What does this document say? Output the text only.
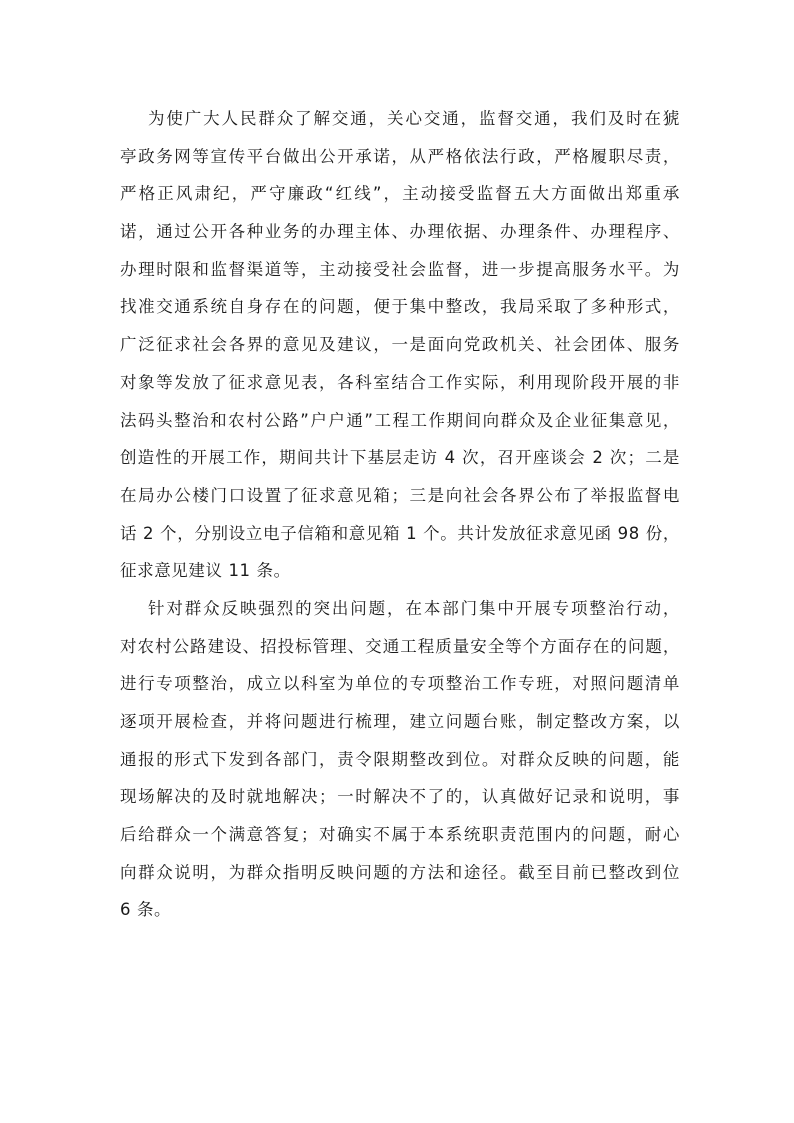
为使广大人民群众了解交通，关心交通，监督交通，我们及时在猇
亭政务网等宣传平台做出公开承诺，从严格依法行政，严格履职尽责，
严格正风肃纪，严守廉政“红线”，主动接受监督五大方面做出郑重承
诺，通过公开各种业务的办理主体、办理依据、办理条件、办理程序、
办理时限和监督渠道等，主动接受社会监督，进一步提高服务水平。为
找准交通系统自身存在的问题，便于集中整改，我局采取了多种形式，
广泛征求社会各界的意见及建议，一是面向党政机关、社会团体、服务
对象等发放了征求意见表，各科室结合工作实际，利用现阶段开展的非
法码头整治和农村公路”户户通”工程工作期间向群众及企业征集意见，
创造性的开展工作，期间共计下基层走访 4 次，召开座谈会 2 次；二是
在局办公楼门口设置了征求意见箱；三是向社会各界公布了举报监督电
话 2 个，分别设立电子信箱和意见箱 1 个。共计发放征求意见函 98 份，
征求意见建议 11 条。
针对群众反映强烈的突出问题，在本部门集中开展专项整治行动，
对农村公路建设、招投标管理、交通工程质量安全等个方面存在的问题，
进行专项整治，成立以科室为单位的专项整治工作专班，对照问题清单
逐项开展检查，并将问题进行梳理，建立问题台账，制定整改方案，以
通报的形式下发到各部门，责令限期整改到位。对群众反映的问题，能
现场解决的及时就地解决；一时解决不了的，认真做好记录和说明，事
后给群众一个满意答复；对确实不属于本系统职责范围内的问题，耐心
向群众说明，为群众指明反映问题的方法和途径。截至目前已整改到位
6 条。
